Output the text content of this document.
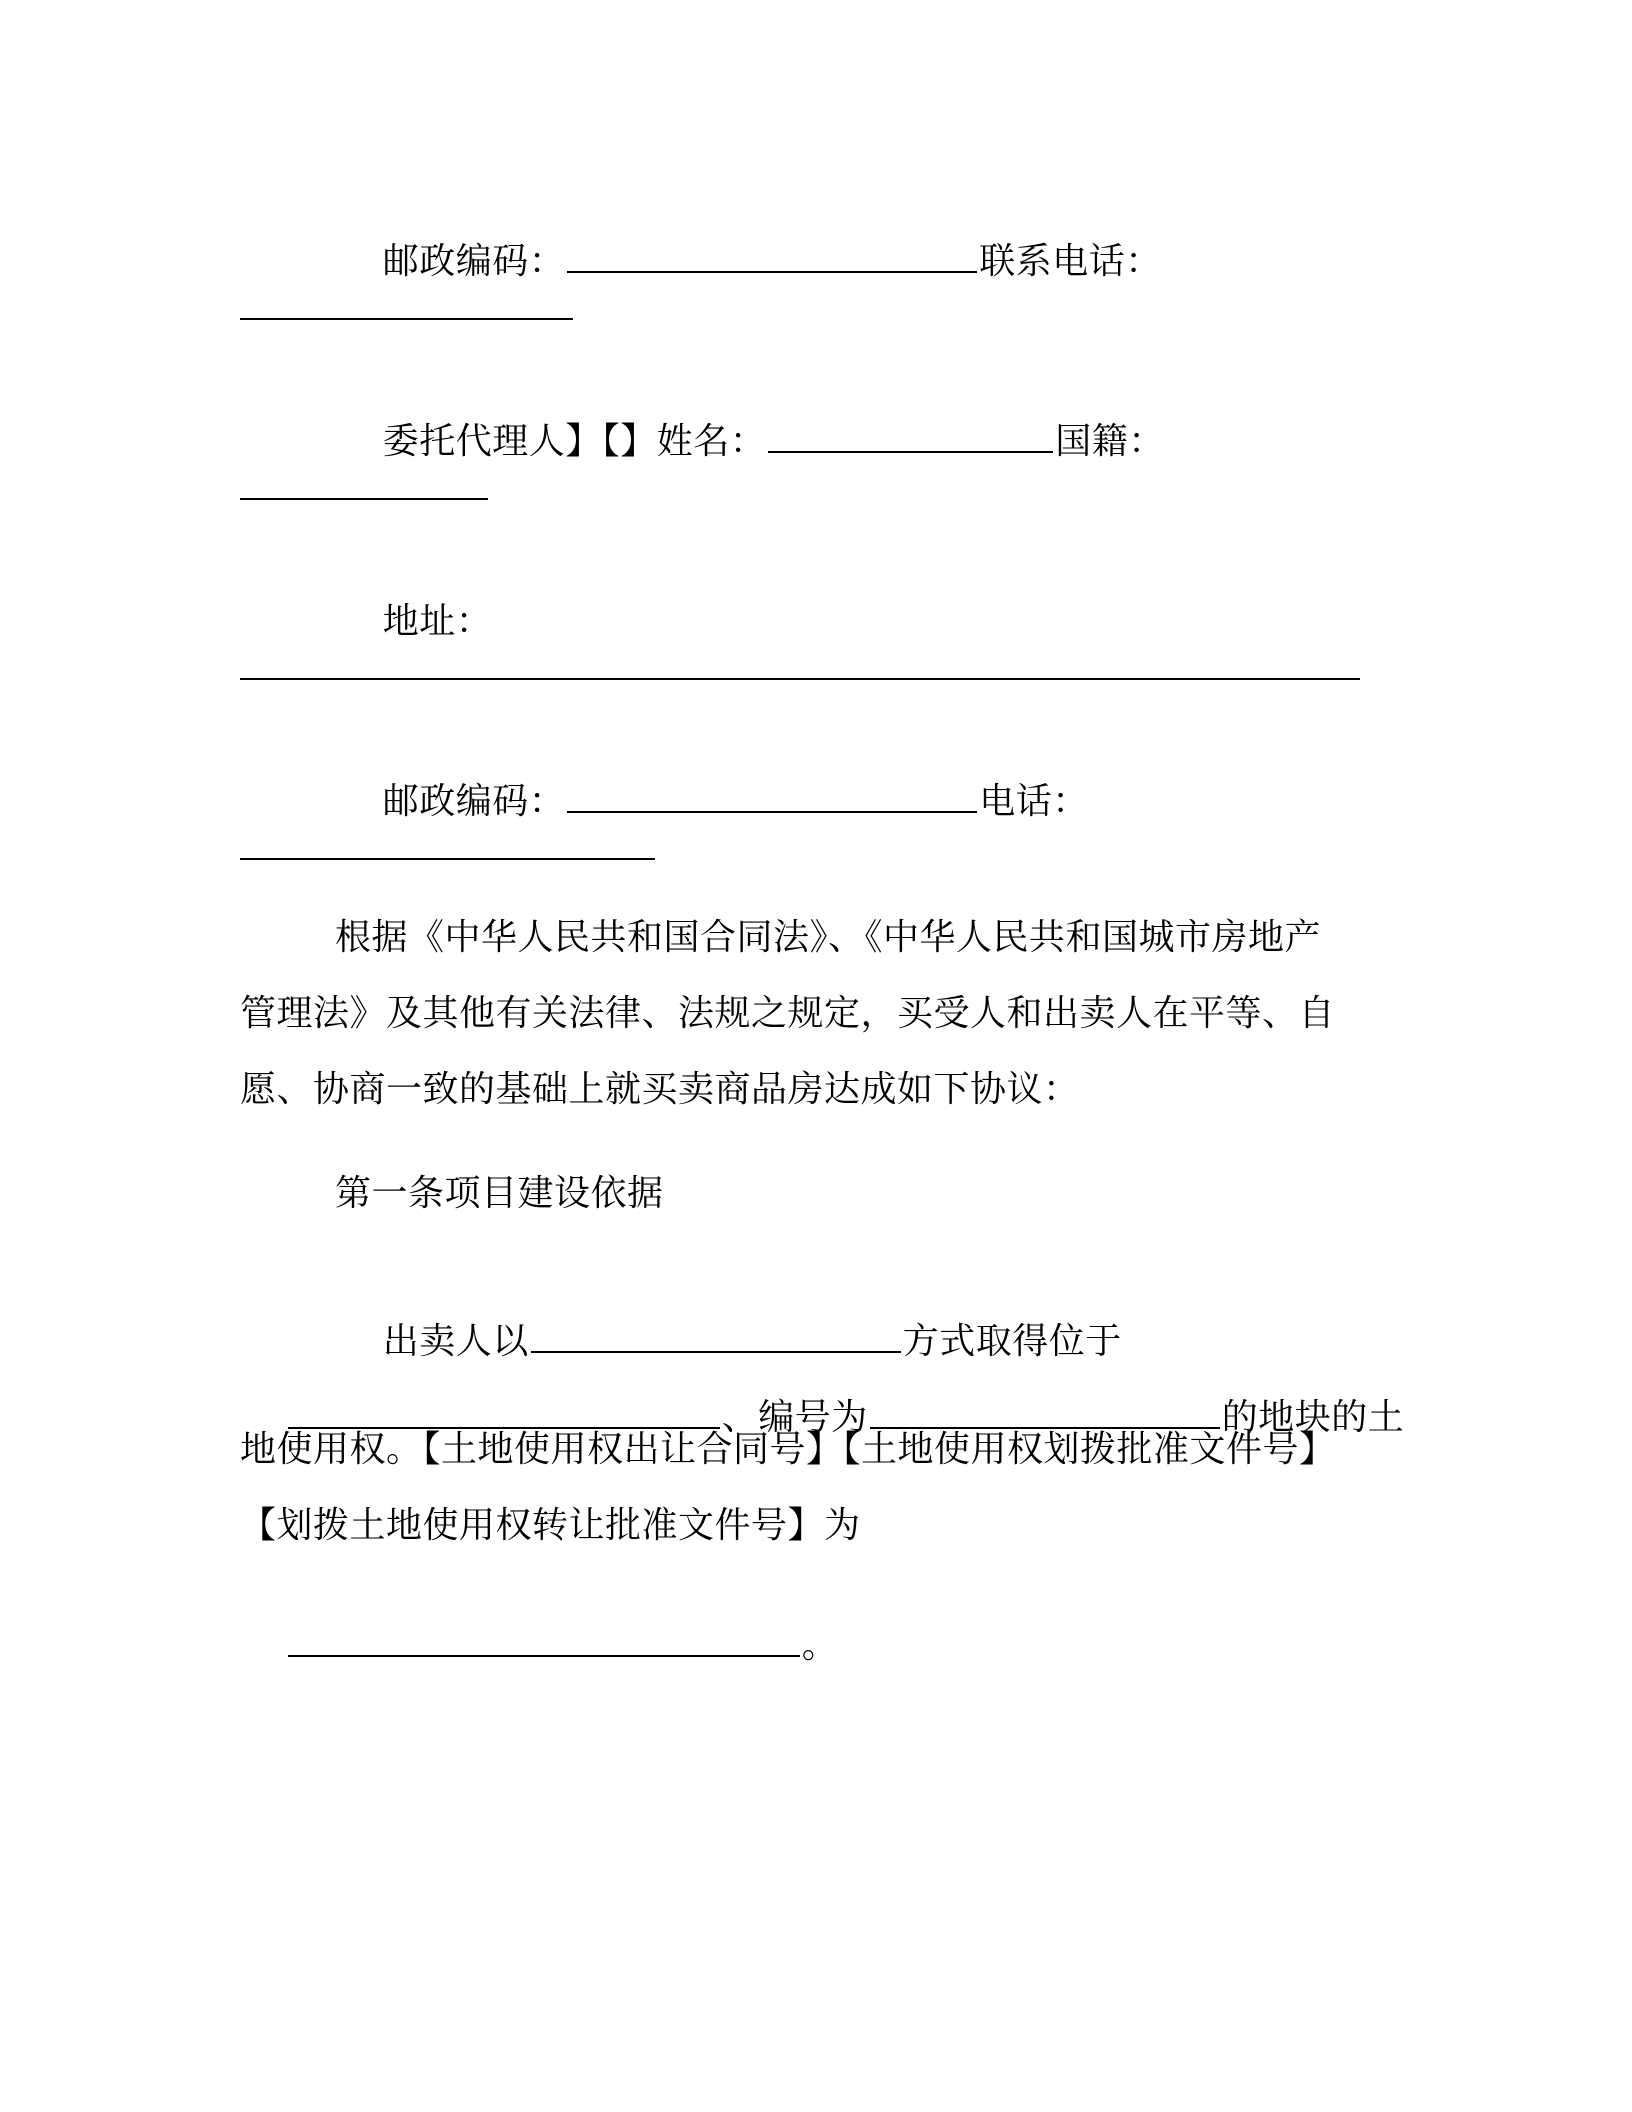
邮政编码：	联系电话：

委托代理人】【】姓名：	国籍：

地址：

邮政编码：	电话：

根据《中华人民共和国合同法》、《中华人民共和国城市房地产
管理法》及其他有关法律、法规之规定，买受人和出卖人在平等、自
愿、协商一致的基础上就买卖商品房达成如下协议：
第一条项目建设依据

出卖人以	方式取得位于

、编号为	的地块的土

地使用权。【土地使用权出让合同号】【土地使用权划拨批准文件号】
【划拨土地使用权转让批准文件号】为

。
